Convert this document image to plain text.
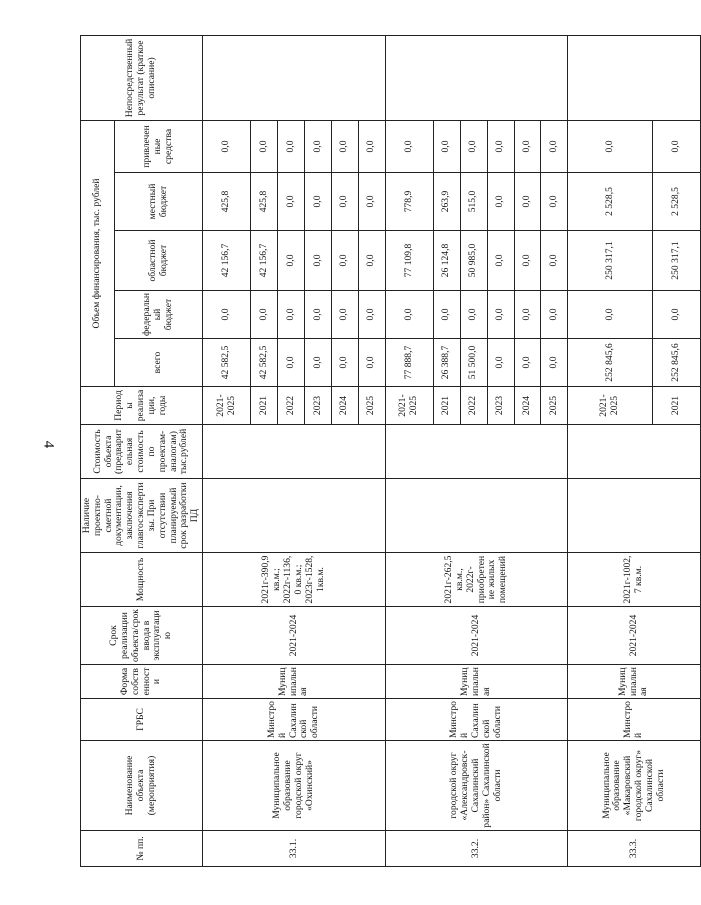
4
№ пп.	Наименование объекта (мероприятия)	ГРБС	Форма собственности	Срок реализации объекта/срок ввода в эксплуатацию	Мощность	Наличие проектно-сметной документации, заключения главгосэкспертизы. При отсутствии планируемый срок разработки ПД	Стоимость объекта (предварительная стоимость по проектам-аналогам) тыс.рублей	Периоды реализации, годы	Объем финансирования, тыс. рублей					Непосредственный результат (краткое описание)
									всего	федеральный бюджет	областной бюджет	местный бюджет	привлеченные средства	
33.1.	Муниципальное образование городской округ «Охинский»	Минстрой Сахалинской области	Муниципальная	2021-2024	2021г-390,9 кв.м.; 2022г-1136,0 кв.м.; 2023г-1528,1кв.м.			2021-2025	42 582,5	0,0	42 156,7	425,8	0,0	
								2021	42 582,5	0,0	42 156,7	425,8	0,0	
								2022	0,0	0,0	0,0	0,0	0,0	
								2023	0,0	0,0	0,0	0,0	0,0	
								2024	0,0	0,0	0,0	0,0	0,0	
								2025	0,0	0,0	0,0	0,0	0,0	
33.2.	городской округ «Александровск-Сахалинский район» Сахалинской области	Минстрой Сахалинской области	Муниципальная	2021-2024	2021г-262,5 кв.м., 2022г-приобретение жилых помещений			2021-2025	77 888,7	0,0	77 109,8	778,9	0,0	
								2021	26 388,7	0,0	26 124,8	263,9	0,0	
								2022	51 500,0	0,0	50 985,0	515,0	0,0	
								2023	0,0	0,0	0,0	0,0	0,0	
								2024	0,0	0,0	0,0	0,0	0,0	
								2025	0,0	0,0	0,0	0,0	0,0	
33.3.	Муниципальное образование «Макаровский городской округ» Сахалинской области	Минстрой	Муниципальная	2021-2024	2021г-1002,7 кв.м.			2021-2025	252 845,6	0,0	250 317,1	2 528,5	0,0	
								2021	252 845,6	0,0	250 317,1	2 528,5	0,0	
